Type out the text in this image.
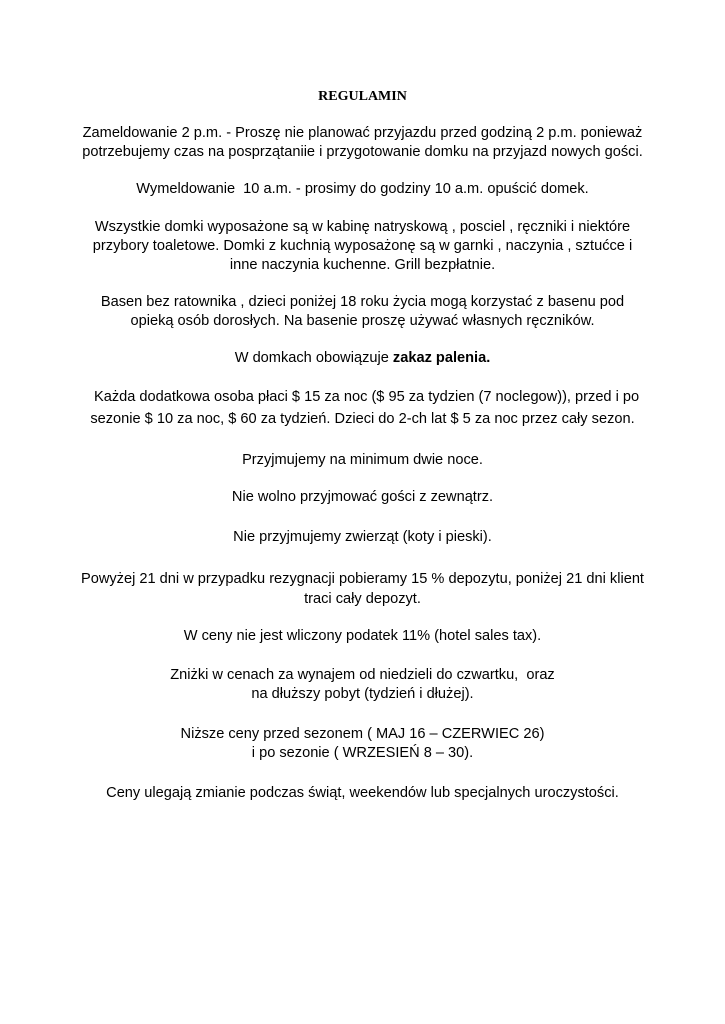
REGULAMIN
Zameldowanie 2 p.m. - Proszę nie planować przyjazdu przed godziną 2 p.m. ponieważ
potrzebujemy czas na posprzątaniie i przygotowanie domku na przyjazd nowych gości.
Wymeldowanie  10 a.m. - prosimy do godziny 10 a.m. opuścić domek.
Wszystkie domki wyposażone są w kabinę natryskową , posciel , ręczniki i niektóre
przybory toaletowe. Domki z kuchnią wyposażonę są w garnki , naczynia , sztućce i
inne naczynia kuchenne. Grill bezpłatnie.
Basen bez ratownika , dzieci poniżej 18 roku życia mogą korzystać z basenu pod
opieką osób dorosłych. Na basenie proszę używać własnych ręczników.
W domkach obowiązuje zakaz palenia.
Każda dodatkowa osoba płaci $ 15 za noc ($ 95 za tydzien (7 noclegow)), przed i po
sezonie $ 10 za noc, $ 60 za tydzień. Dzieci do 2-ch lat $ 5 za noc przez cały sezon.
Przyjmujemy na minimum dwie noce.
Nie wolno przyjmować gości z zewnątrz.
Nie przyjmujemy zwierząt (koty i pieski).
Powyżej 21 dni w przypadku rezygnacji pobieramy 15 % depozytu, poniżej 21 dni klient
traci cały depozyt.
W ceny nie jest wliczony podatek 11% (hotel sales tax).
Zniżki w cenach za wynajem od niedzieli do czwartku,  oraz
na dłuższy pobyt (tydzień i dłużej).
Niższe ceny przed sezonem ( MAJ 16 – CZERWIEC 26)
i po sezonie ( WRZESIEŃ 8 – 30).
Ceny ulegają zmianie podczas świąt, weekendów lub specjalnych uroczystości.
